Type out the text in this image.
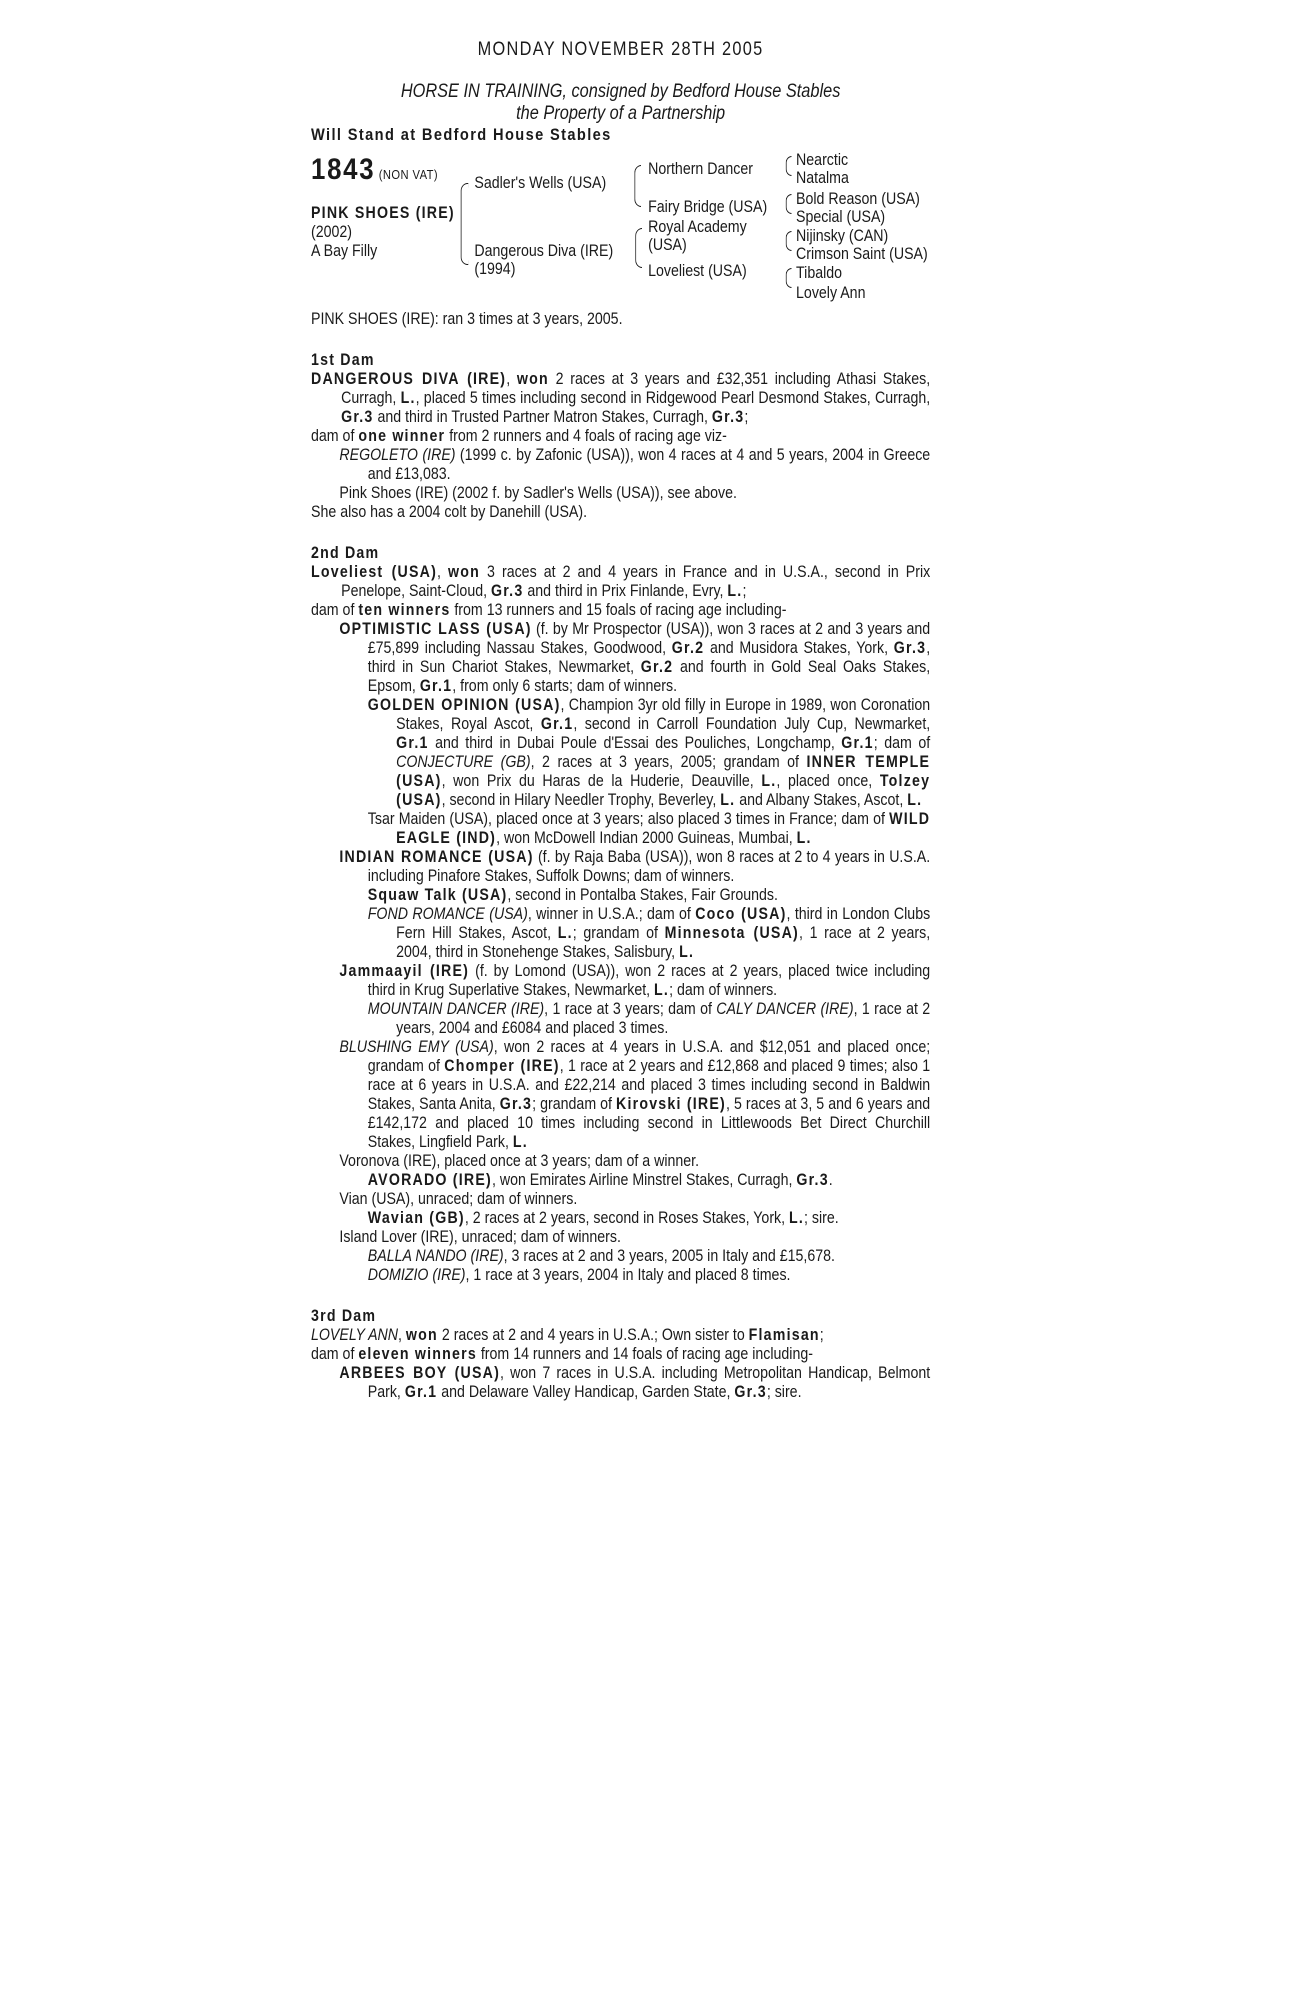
MONDAY NOVEMBER 28TH 2005
HORSE IN TRAINING, consigned by Bedford House Stables
the Property of a Partnership
Will Stand at Bedford House Stables
1843 (NON VAT)
PINK SHOES (IRE)
(2002)
A Bay Filly
Sadler's Wells (USA)
Dangerous Diva (IRE)
(1994)
Northern Dancer
Fairy Bridge (USA)
Royal Academy
(USA)
Loveliest (USA)
Nearctic
Natalma
Bold Reason (USA)
Special (USA)
Nijinsky (CAN)
Crimson Saint (USA)
Tibaldo
Lovely Ann

PINK SHOES (IRE): ran 3 times at 3 years, 2005.

1st Dam

DANGEROUS DIVA (IRE), won 2 races at 3 years and £32,351 including Athasi Stakes, Curragh, L., placed 5 times including second in Ridgewood Pearl Desmond Stakes, Curragh, Gr.3 and third in Trusted Partner Matron Stakes, Curragh, Gr.3;

dam of one winner from 2 runners and 4 foals of racing age viz-

REGOLETO (IRE) (1999 c. by Zafonic (USA)), won 4 races at 4 and 5 years, 2004 in Greece and £13,083.

Pink Shoes (IRE) (2002 f. by Sadler's Wells (USA)), see above.

She also has a 2004 colt by Danehill (USA).

2nd Dam

Loveliest (USA), won 3 races at 2 and 4 years in France and in U.S.A., second in Prix Penelope, Saint-Cloud, Gr.3 and third in Prix Finlande, Evry, L.;

dam of ten winners from 13 runners and 15 foals of racing age including-

OPTIMISTIC LASS (USA) (f. by Mr Prospector (USA)), won 3 races at 2 and 3 years and £75,899 including Nassau Stakes, Goodwood, Gr.2 and Musidora Stakes, York, Gr.3, third in Sun Chariot Stakes, Newmarket, Gr.2 and fourth in Gold Seal Oaks Stakes, Epsom, Gr.1, from only 6 starts; dam of winners.

GOLDEN OPINION (USA), Champion 3yr old filly in Europe in 1989, won Coronation Stakes, Royal Ascot, Gr.1, second in Carroll Foundation July Cup, Newmarket, Gr.1 and third in Dubai Poule d'Essai des Pouliches, Longchamp, Gr.1; dam of CONJECTURE (GB), 2 races at 3 years, 2005; grandam of INNER TEMPLE (USA), won Prix du Haras de la Huderie, Deauville, L., placed once, Tolzey (USA), second in Hilary Needler Trophy, Beverley, L. and Albany Stakes, Ascot, L.

Tsar Maiden (USA), placed once at 3 years; also placed 3 times in France; dam of WILD EAGLE (IND), won McDowell Indian 2000 Guineas, Mumbai, L.

INDIAN ROMANCE (USA) (f. by Raja Baba (USA)), won 8 races at 2 to 4 years in U.S.A. including Pinafore Stakes, Suffolk Downs; dam of winners.

Squaw Talk (USA), second in Pontalba Stakes, Fair Grounds.

FOND ROMANCE (USA), winner in U.S.A.; dam of Coco (USA), third in London Clubs Fern Hill Stakes, Ascot, L.; grandam of Minnesota (USA), 1 race at 2 years, 2004, third in Stonehenge Stakes, Salisbury, L.

Jammaayil (IRE) (f. by Lomond (USA)), won 2 races at 2 years, placed twice including third in Krug Superlative Stakes, Newmarket, L.; dam of winners.

MOUNTAIN DANCER (IRE), 1 race at 3 years; dam of CALY DANCER (IRE), 1 race at 2 years, 2004 and £6084 and placed 3 times.

BLUSHING EMY (USA), won 2 races at 4 years in U.S.A. and $12,051 and placed once; grandam of Chomper (IRE), 1 race at 2 years and £12,868 and placed 9 times; also 1 race at 6 years in U.S.A. and £22,214 and placed 3 times including second in Baldwin Stakes, Santa Anita, Gr.3; grandam of Kirovski (IRE), 5 races at 3, 5 and 6 years and £142,172 and placed 10 times including second in Littlewoods Bet Direct Churchill Stakes, Lingfield Park, L.

Voronova (IRE), placed once at 3 years; dam of a winner.

AVORADO (IRE), won Emirates Airline Minstrel Stakes, Curragh, Gr.3.

Vian (USA), unraced; dam of winners.

Wavian (GB), 2 races at 2 years, second in Roses Stakes, York, L.; sire.

Island Lover (IRE), unraced; dam of winners.

BALLA NANDO (IRE), 3 races at 2 and 3 years, 2005 in Italy and £15,678.

DOMIZIO (IRE), 1 race at 3 years, 2004 in Italy and placed 8 times.

3rd Dam

LOVELY ANN, won 2 races at 2 and 4 years in U.S.A.; Own sister to Flamisan;

dam of eleven winners from 14 runners and 14 foals of racing age including-

ARBEES BOY (USA), won 7 races in U.S.A. including Metropolitan Handicap, Belmont Park, Gr.1 and Delaware Valley Handicap, Garden State, Gr.3; sire.
